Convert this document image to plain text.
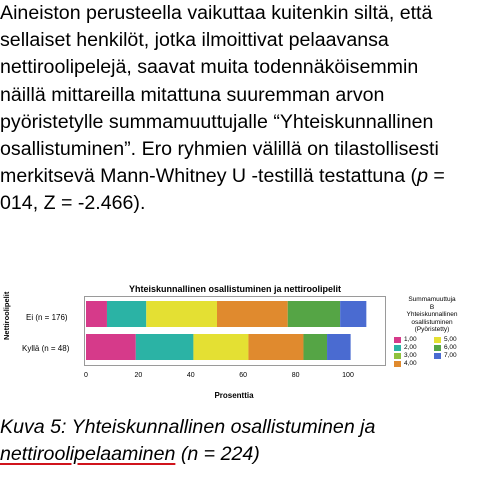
Aineiston perusteella vaikuttaa kuitenkin siltä, että
sellaiset henkilöt, jotka ilmoittivat pelaavansa
nettiroolipelejä, saavat muita todennäköisemmin
näillä mittareilla mitattuna suuremman arvon
pyöristetylle summamuuttujalle “Yhteiskunnallinen
osallistuminen”. Ero ryhmien välillä on tilastollisesti
merkitsevä Mann-Whitney U -testillä testattuna (p =
014, Z = -2.466).
Yhteiskunnallinen osallistuminen ja nettiroolipelit
Ei (n = 176)
Kyllä (n = 48)
0	20	40	60	80	100
Prosenttia
Summamuuttuja
B
Yhteiskunnallinen
osallistuminen
(Pyöristetty)
1,00	5,00
2,00	6,00
3,00	7,00
4,00
Nettiroolipelit
Kuva 5: Yhteiskunnallinen osallistuminen ja
nettiroolipelaaminen (n = 224)
